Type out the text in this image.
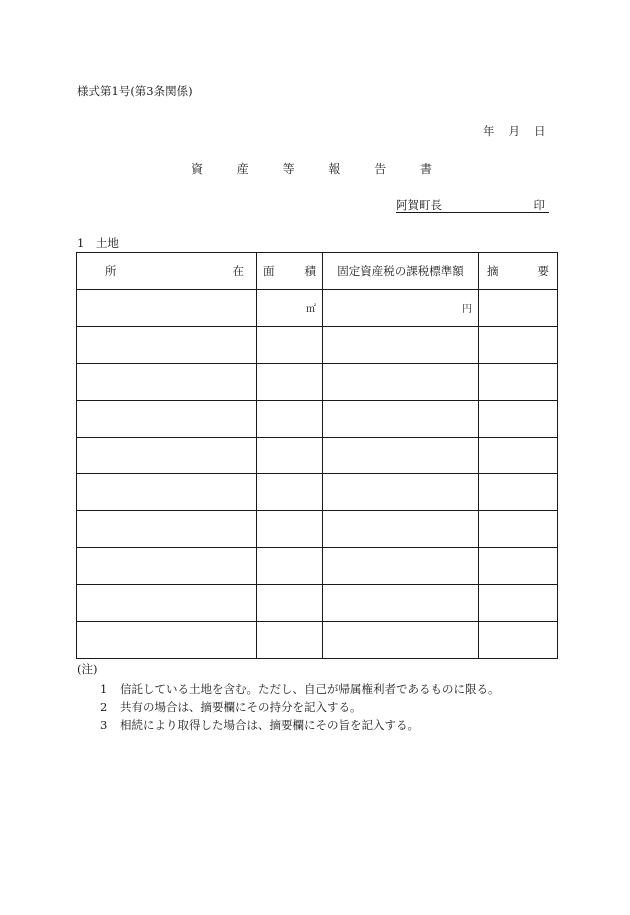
様式第1号(第3条関係)
年 月 日
資 産 等 報 告 書
阿賀町長	印
1　土地
所 在	面 積	固定資産税の課税標準額	摘 要

	㎡	円	

(注)
1 信託している土地を含む。ただし、自己が帰属権利者であるものに限る。
2 共有の場合は、摘要欄にその持分を記入する。
3 相続により取得した場合は、摘要欄にその旨を記入する。
